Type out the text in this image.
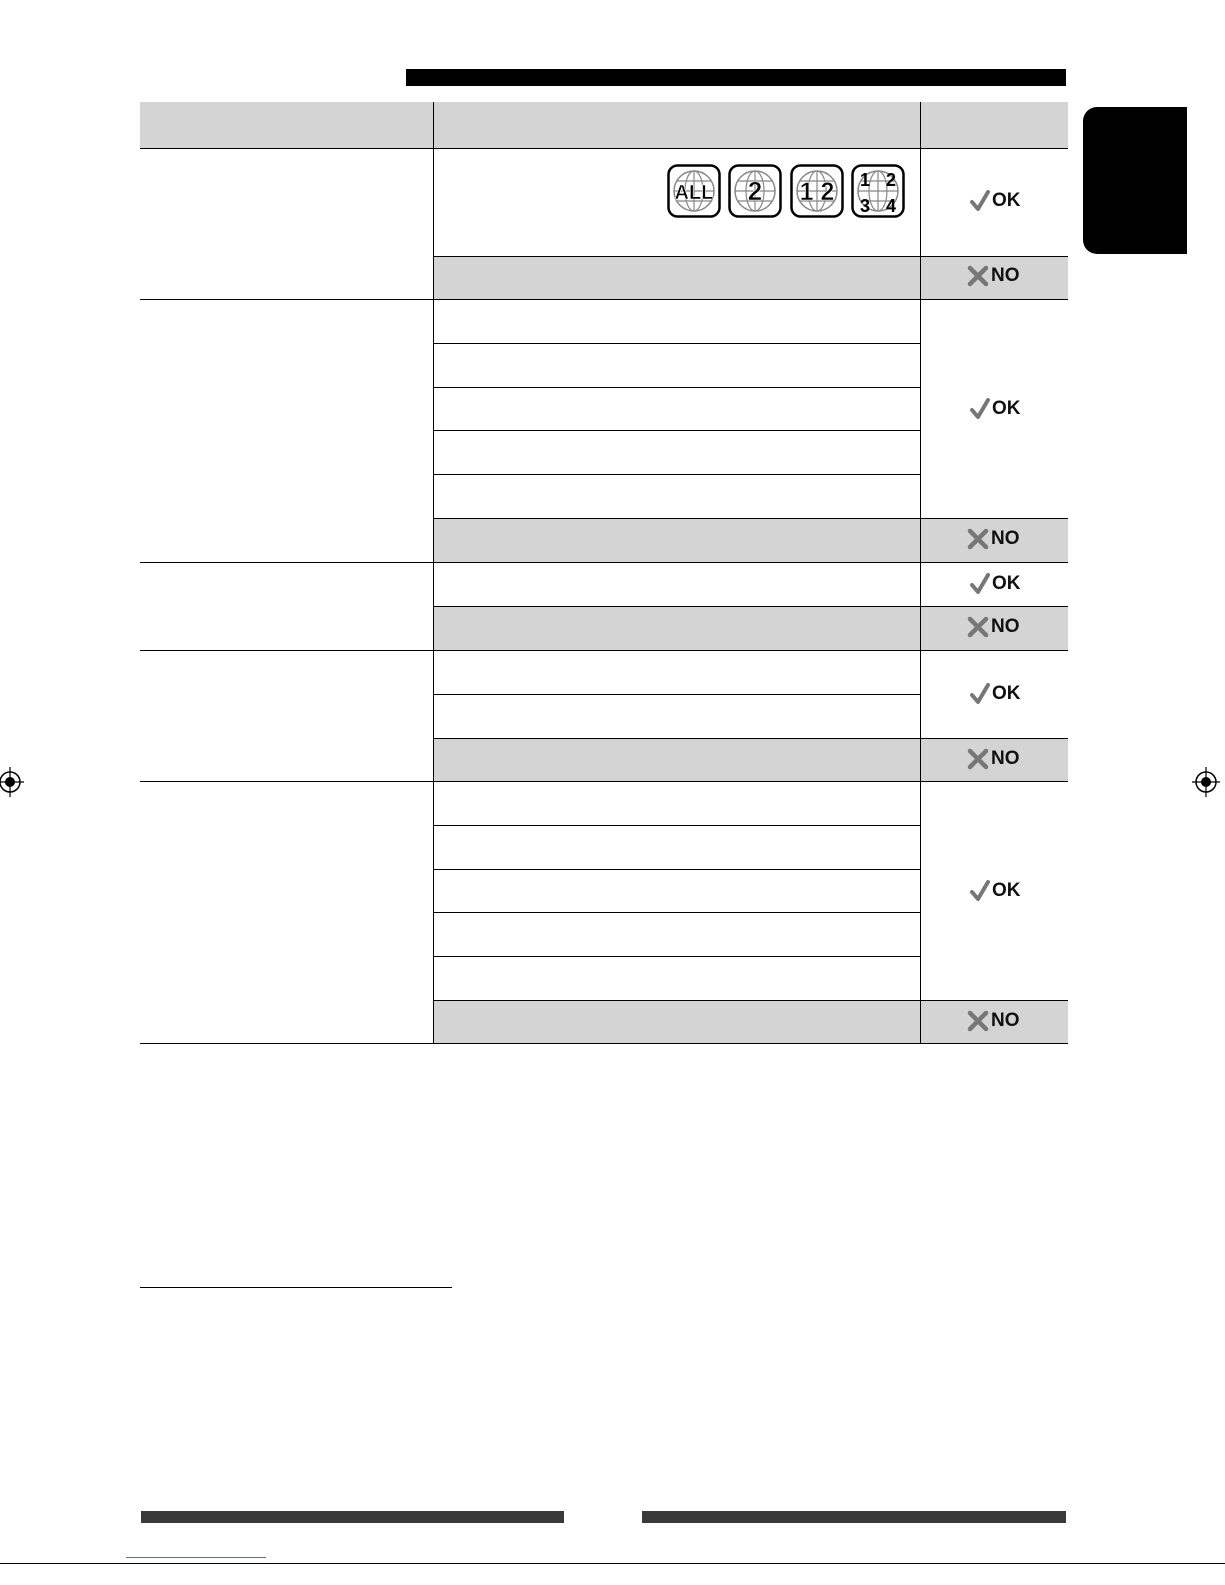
ALL 2 1 2 1 2
3 4	OK
NO
OK
NO
OK
NO
OK
NO
OK
NO
